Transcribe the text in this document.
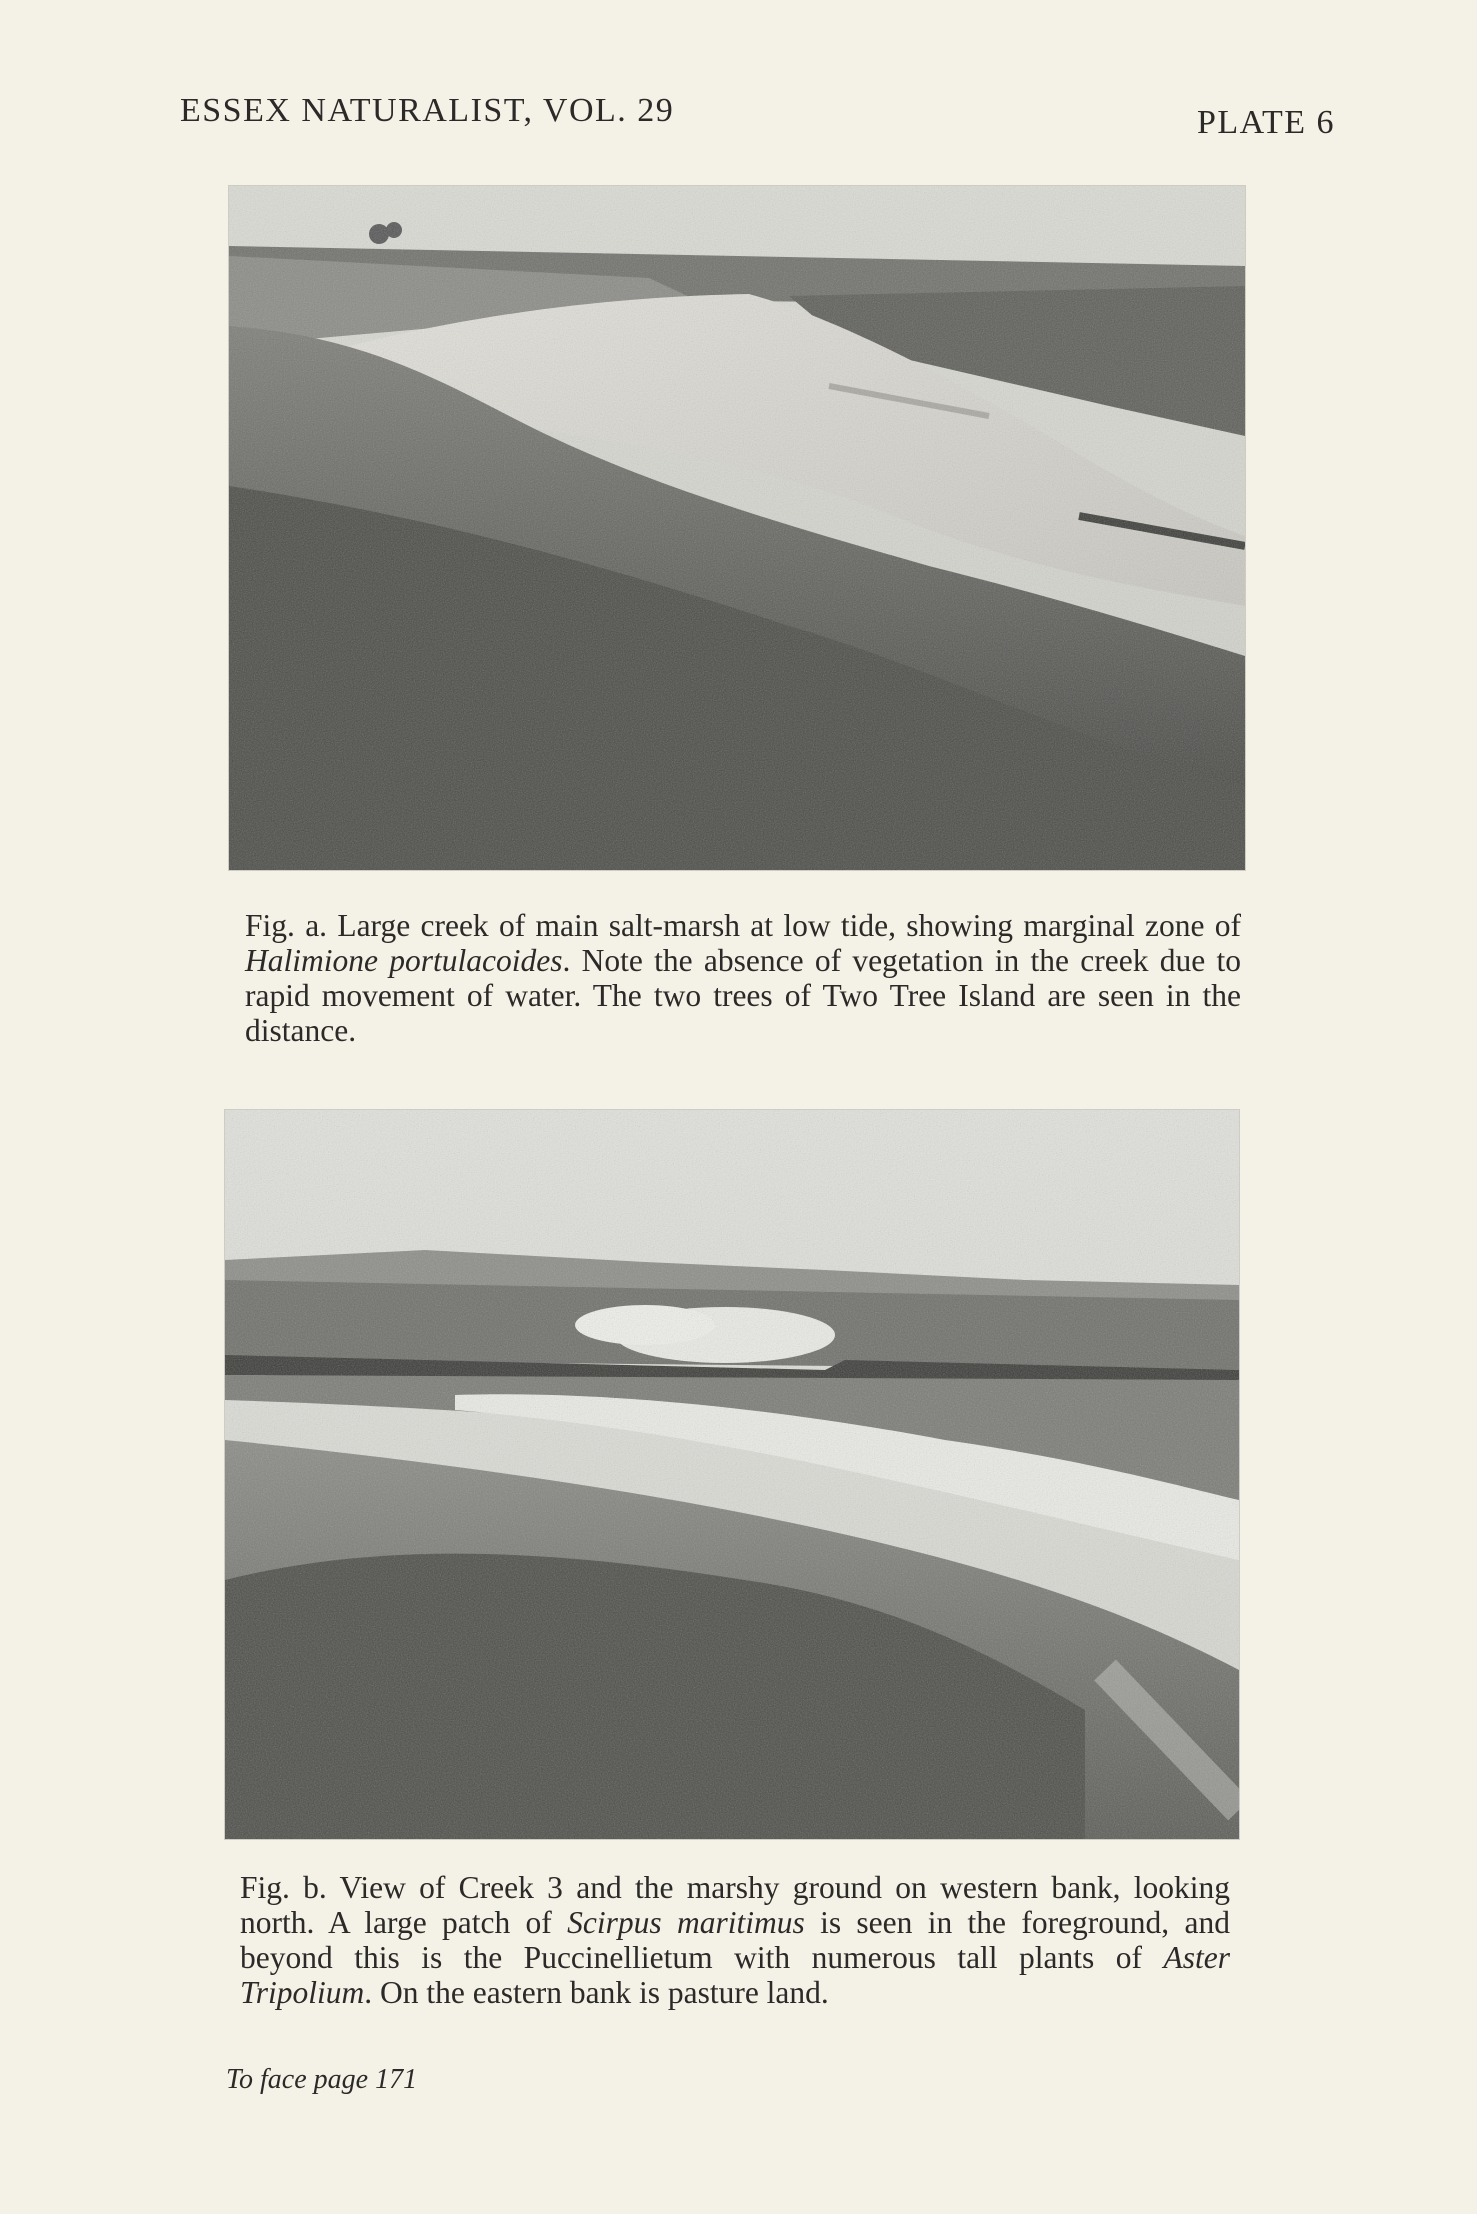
ESSEX NATURALIST, VOL. 29	PLATE 6

Fig. a. Large creek of main salt-marsh at low tide, showing marginal zone of Halimione portulacoides. Note the absence of vegetation in the creek due to rapid movement of water. The two trees of Two Tree Island are seen in the distance.

Fig. b. View of Creek 3 and the marshy ground on western bank, looking north. A large patch of Scirpus maritimus is seen in the foreground, and beyond this is the Puccinellietum with numerous tall plants of Aster Tripolium. On the eastern bank is pasture land.

To face page 171
